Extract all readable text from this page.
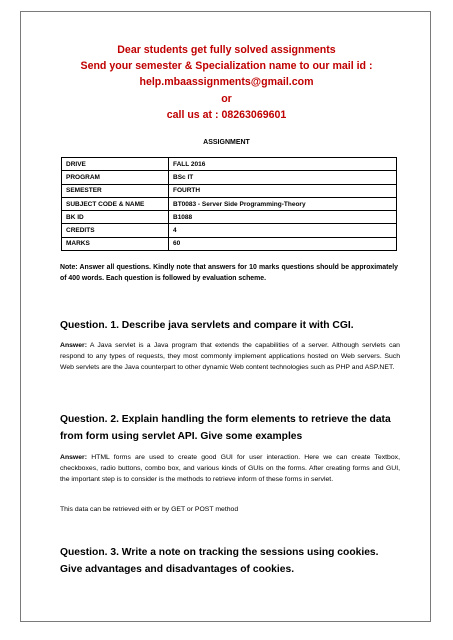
Dear students get fully solved assignments
Send your semester & Specialization name to our mail id :
help.mbaassignments@gmail.com
or
call us at : 08263069601
ASSIGNMENT
DRIVE	FALL 2016
PROGRAM	BSc IT
SEMESTER	FOURTH
SUBJECT CODE & NAME	BT0083 - Server Side Programming-Theory
BK ID	B1088
CREDITS	4
MARKS	60
Note: Answer all questions. Kindly note that answers for 10 marks questions should be approximately of 400 words. Each question is followed by evaluation scheme.
Question. 1. Describe java servlets and compare it with CGI.
Answer: A Java servlet is a Java program that extends the capabilities of a server. Although servlets can respond to any types of requests, they most commonly implement applications hosted on Web servers. Such Web servlets are the Java counterpart to other dynamic Web content technologies such as PHP and ASP.NET.
Question. 2. Explain handling the form elements to retrieve the data from form using servlet API. Give some examples
Answer: HTML forms are used to create good GUI for user interaction. Here we can create Textbox, checkboxes, radio buttons, combo box, and various kinds of GUIs on the forms. After creating forms and GUI, the important step is to consider is the methods to retrieve inform of these forms in servlet.
This data can be retrieved eith er by GET or POST method
Question. 3. Write a note on tracking the sessions using cookies. Give advantages and disadvantages of cookies.
